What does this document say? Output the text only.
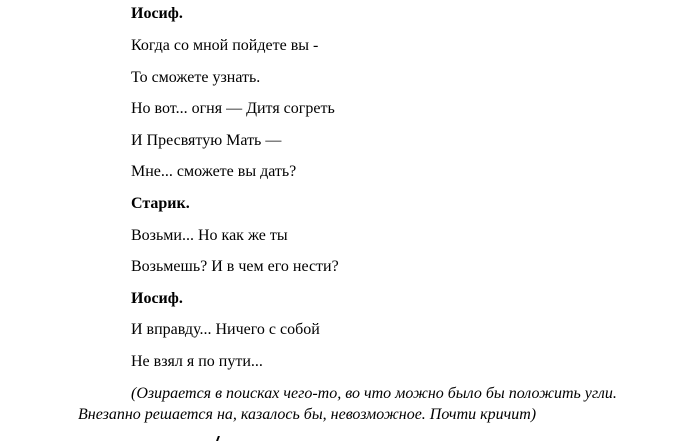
Иосиф.
Когда со мной пойдете вы -
То сможете узнать.
Но вот... огня — Дитя согреть
И Пресвятую Мать —
Мне... сможете вы дать?
Старик.
Возьми... Но как же ты
Возьмешь? И в чем его нести?
Иосиф.
И вправду... Ничего с собой
Не взял я по пути...
(Озирается в поисках чего-то, во что можно было бы положить угли.
Внезапно решается на, казалось бы, невозможное. Почти кричит)
